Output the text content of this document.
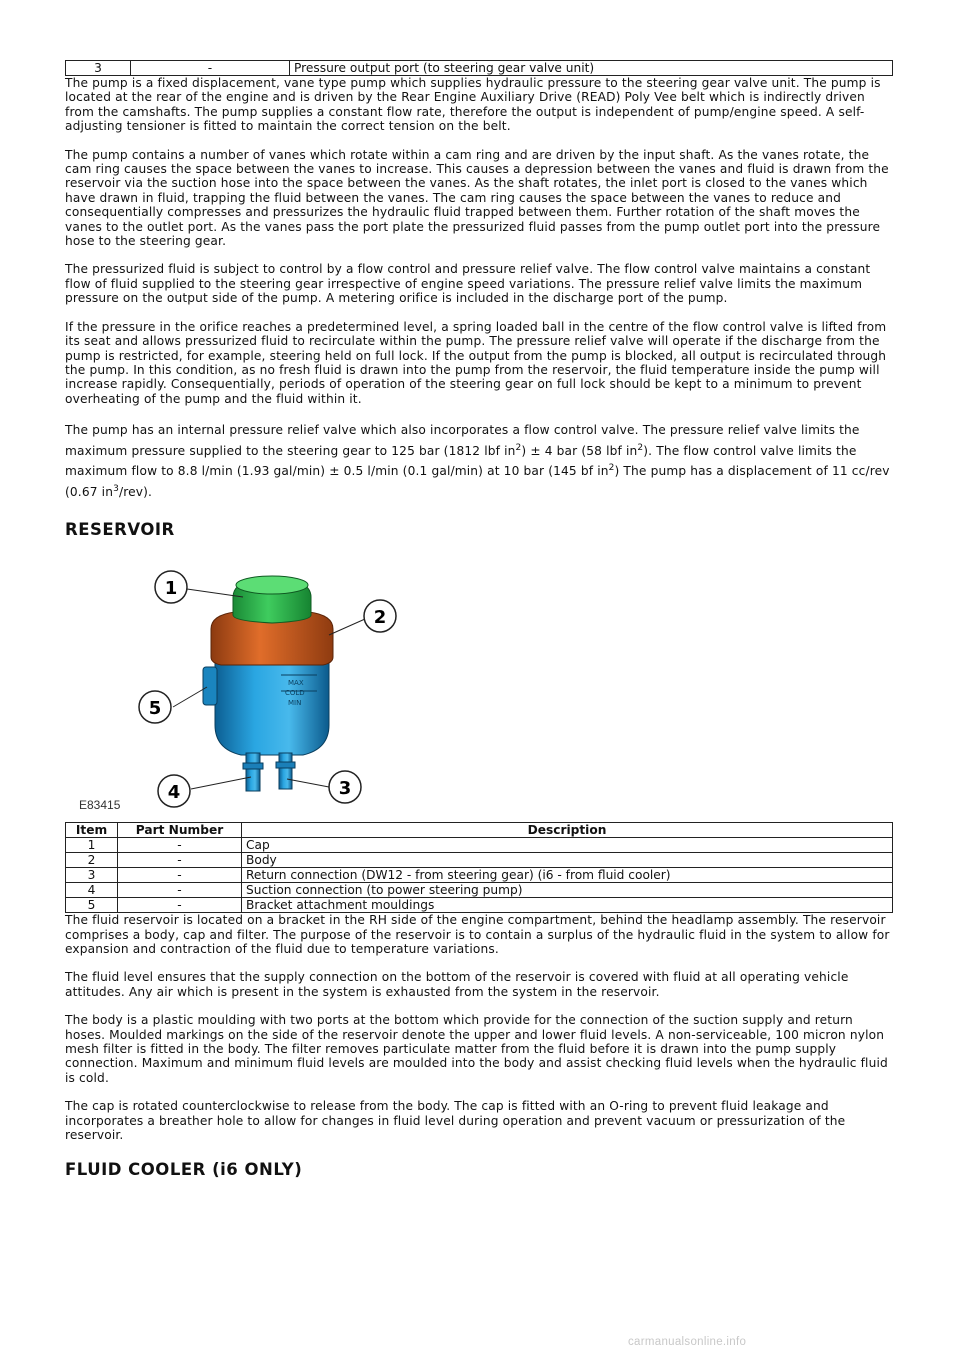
3	-	Pressure output port (to steering gear valve unit)

The pump is a fixed displacement, vane type pump which supplies hydraulic pressure to the steering gear valve unit. The pump is located at the rear of the engine and is driven by the Rear Engine Auxiliary Drive (READ) Poly Vee belt which is indirectly driven from the camshafts. The pump supplies a constant flow rate, therefore the output is independent of pump/engine speed. A self-adjusting tensioner is fitted to maintain the correct tension on the belt.

The pump contains a number of vanes which rotate within a cam ring and are driven by the input shaft. As the vanes rotate, the cam ring causes the space between the vanes to increase. This causes a depression between the vanes and fluid is drawn from the reservoir via the suction hose into the space between the vanes. As the shaft rotates, the inlet port is closed to the vanes which have drawn in fluid, trapping the fluid between the vanes. The cam ring causes the space between the vanes to reduce and consequentially compresses and pressurizes the hydraulic fluid trapped between them. Further rotation of the shaft moves the vanes to the outlet port. As the vanes pass the port plate the pressurized fluid passes from the pump outlet port into the pressure hose to the steering gear.

The pressurized fluid is subject to control by a flow control and pressure relief valve. The flow control valve maintains a constant flow of fluid supplied to the steering gear irrespective of engine speed variations. The pressure relief valve limits the maximum pressure on the output side of the pump. A metering orifice is included in the discharge port of the pump.

If the pressure in the orifice reaches a predetermined level, a spring loaded ball in the centre of the flow control valve is lifted from its seat and allows pressurized fluid to recirculate within the pump. The pressure relief valve will operate if the discharge from the pump is restricted, for example, steering held on full lock. If the output from the pump is blocked, all output is recirculated through the pump. In this condition, as no fresh fluid is drawn into the pump from the reservoir, the fluid temperature inside the pump will increase rapidly. Consequentially, periods of operation of the steering gear on full lock should be kept to a minimum to prevent overheating of the pump and the fluid within it.

The pump has an internal pressure relief valve which also incorporates a flow control valve. The pressure relief valve limits the maximum pressure supplied to the steering gear to 125 bar (1812 lbf $in^2) \pm 4$ bar (58 lbf $in^2$). The flow control valve limits the maximum flow to 8.8 l/min (1.93 gal/min) ± 0.5 l/min (0.1 gal/min) at 10 bar (145 bf $in^2$) The pump has a displacement of 11 cc/rev (0.67 $in^3/rev$).

RESERVOIR
MAX
COLD
MIN
1
2
3
4
5
E83415
Item	Part Number	Description
1	-	Cap
2	-	Body
3	-	Return connection (DW12 - from steering gear) (i6 - from fluid cooler)
4	-	Suction connection (to power steering pump)
5	-	Bracket attachment mouldings

The fluid reservoir is located on a bracket in the RH side of the engine compartment, behind the headlamp assembly. The reservoir comprises a body, cap and filter. The purpose of the reservoir is to contain a surplus of the hydraulic fluid in the system to allow for expansion and contraction of the fluid due to temperature variations.

The fluid level ensures that the supply connection on the bottom of the reservoir is covered with fluid at all operating vehicle attitudes. Any air which is present in the system is exhausted from the system in the reservoir.

The body is a plastic moulding with two ports at the bottom which provide for the connection of the suction supply and return hoses. Moulded markings on the side of the reservoir denote the upper and lower fluid levels. A non-serviceable, 100 micron nylon mesh filter is fitted in the body. The filter removes particulate matter from the fluid before it is drawn into the pump supply connection. Maximum and minimum fluid levels are moulded into the body and assist checking fluid levels when the hydraulic fluid is cold.

The cap is rotated counterclockwise to release from the body. The cap is fitted with an O-ring to prevent fluid leakage and incorporates a breather hole to allow for changes in fluid level during operation and prevent vacuum or pressurization of the reservoir.

FLUID COOLER (i6 ONLY)
carmanualsonline.info
